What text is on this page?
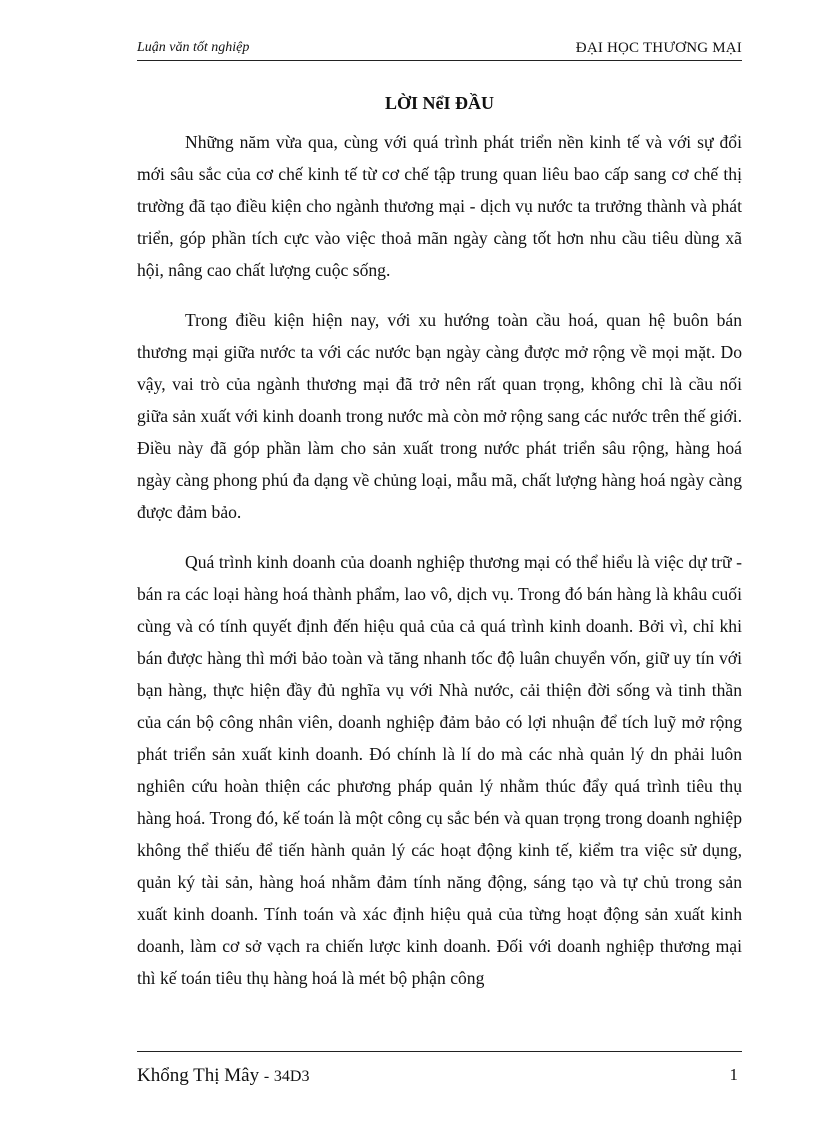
Luận văn tốt nghiệp	ĐẠI HỌC THƯƠNG MẠI
LỜI NểI ĐẦU

Những năm vừa qua, cùng với quá trình phát triển nền kinh tế và với sự đổi mới sâu sắc của cơ chế kinh tế từ cơ chế tập trung quan liêu bao cấp sang cơ chế thị trường đã tạo điều kiện cho ngành thương mại - dịch vụ nước ta trưởng thành và phát triển, góp phần tích cực vào việc thoả mãn ngày càng tốt hơn nhu cầu tiêu dùng xã hội, nâng cao chất lượng cuộc sống.

Trong điều kiện hiện nay, với xu hướng toàn cầu hoá, quan hệ buôn bán thương mại giữa nước ta với các nước bạn ngày càng được mở rộng về mọi mặt. Do vậy, vai trò của ngành thương mại đã trở nên rất quan trọng, không chỉ là cầu nối giữa sản xuất với kinh doanh trong nước mà còn mở rộng sang các nước trên thế giới. Điều này đã góp phần làm cho sản xuất trong nước phát triển sâu rộng, hàng hoá ngày càng phong phú đa dạng về chủng loại, mẫu mã, chất lượng hàng hoá ngày càng được đảm bảo.

Quá trình kinh doanh của doanh nghiệp thương mại có thể hiểu là việc dự trữ - bán ra các loại hàng hoá thành phẩm, lao vô, dịch vụ. Trong đó bán hàng là khâu cuối cùng và có tính quyết định đến hiệu quả của cả quá trình kinh doanh. Bởi vì, chỉ khi bán được hàng thì mới bảo toàn và tăng nhanh tốc độ luân chuyển vốn, giữ uy tín với bạn hàng, thực hiện đầy đủ nghĩa vụ với Nhà nước, cải thiện đời sống và tinh thần của cán bộ công nhân viên, doanh nghiệp đảm bảo có lợi nhuận để tích luỹ mở rộng phát triển sản xuất kinh doanh. Đó chính là lí do mà các nhà quản lý dn phải luôn nghiên cứu hoàn thiện các phương pháp quản lý nhằm thúc đẩy quá trình tiêu thụ hàng hoá. Trong đó, kế toán là một công cụ sắc bén và quan trọng trong doanh nghiệp không thể thiếu để tiến hành quản lý các hoạt động kinh tế, kiểm tra việc sử dụng, quản ký tài sản, hàng hoá nhằm đảm tính năng động, sáng tạo và tự chủ trong sản xuất kinh doanh. Tính toán và xác định hiệu quả của từng hoạt động sản xuất kinh doanh, làm cơ sở vạch ra chiến lược kinh doanh. Đối với doanh nghiệp thương mại thì kế toán tiêu thụ hàng hoá là mét bộ phận công

Khổng Thị Mây - 34D3	1
